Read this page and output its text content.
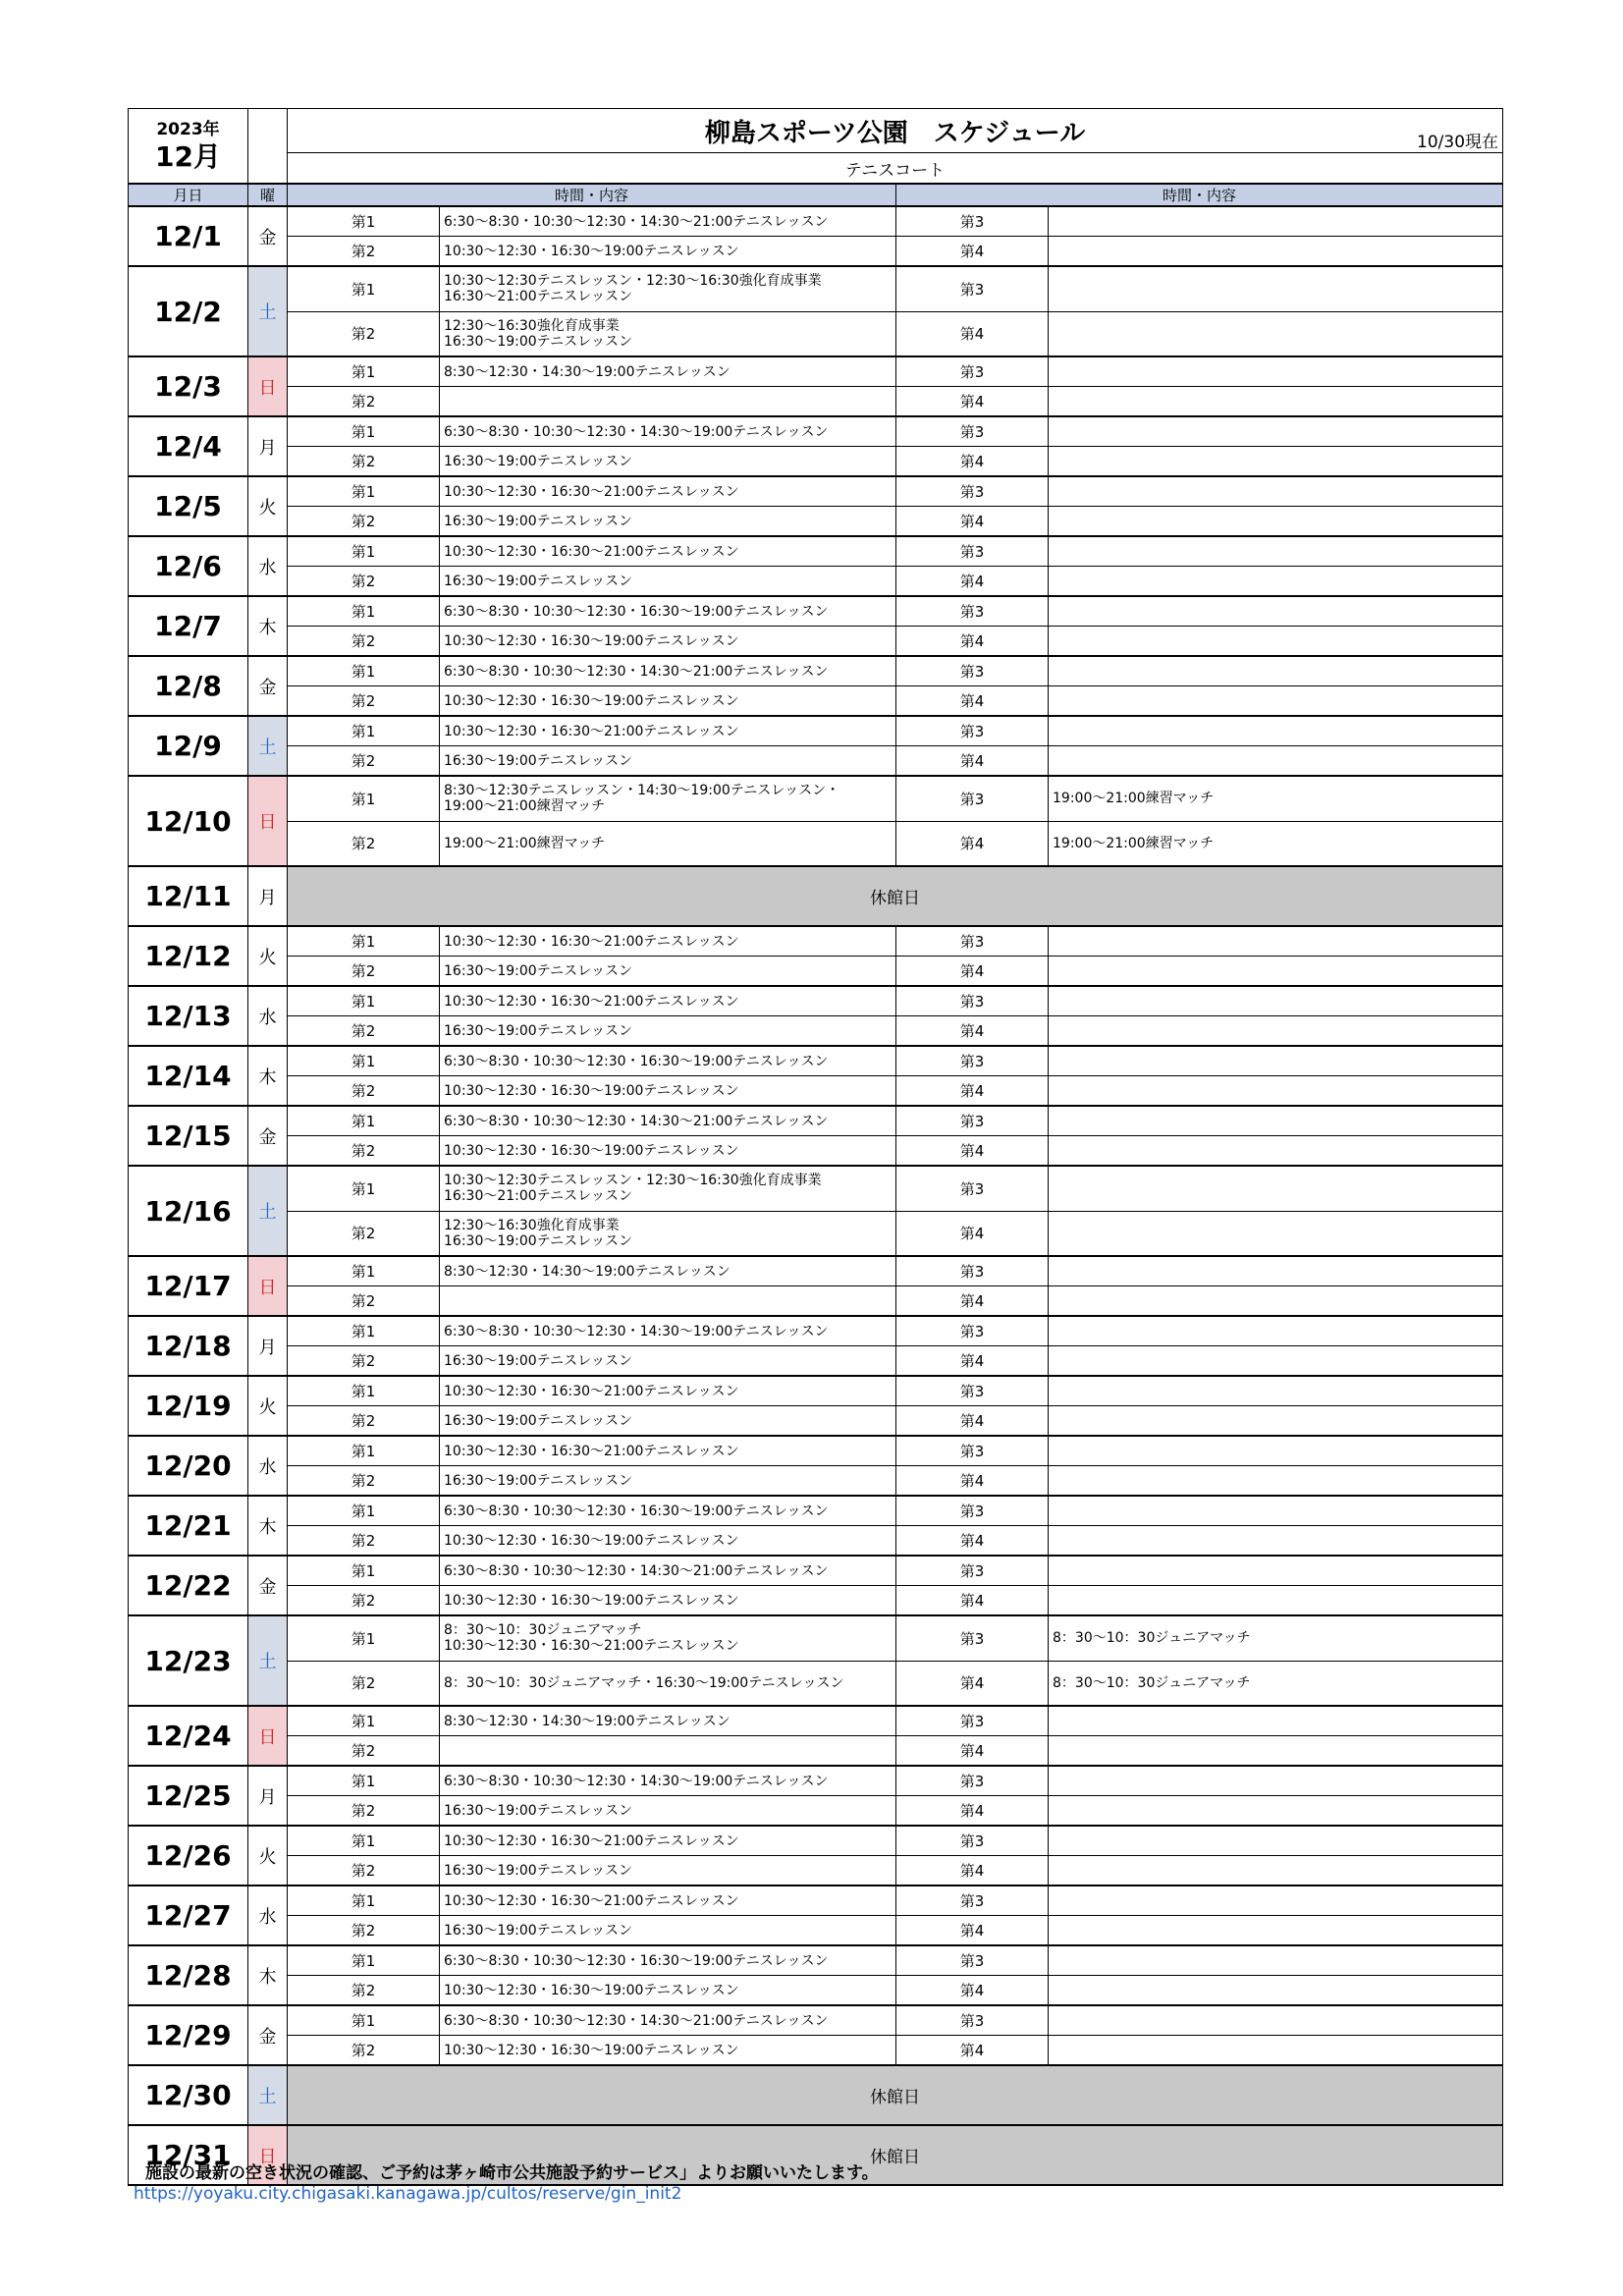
2023年
12月		柳島スポーツ公園　スケジュール 10/30現在			

		テニスコート			
月日	曜	時間・内容		時間・内容	
12/1	金	第1	6:30～8:30・10:30～12:30・14:30～21:00テニスレッスン	第3	
		第2	10:30～12:30・16:30～19:00テニスレッスン	第4	
12/2	土	第1	10:30～12:30テニスレッスン・12:30～16:30強化育成事業
16:30～21:00テニスレッスン	第3	
		第2	12:30～16:30強化育成事業
16:30～19:00テニスレッスン	第4	
12/3	日	第1	8:30～12:30・14:30～19:00テニスレッスン	第3	
		第2		第4	
12/4	月	第1	6:30～8:30・10:30～12:30・14:30～19:00テニスレッスン	第3	
		第2	16:30～19:00テニスレッスン	第4	
12/5	火	第1	10:30～12:30・16:30～21:00テニスレッスン	第3	
		第2	16:30～19:00テニスレッスン	第4	
12/6	水	第1	10:30～12:30・16:30～21:00テニスレッスン	第3	
		第2	16:30～19:00テニスレッスン	第4	
12/7	木	第1	6:30～8:30・10:30～12:30・16:30～19:00テニスレッスン	第3	
		第2	10:30～12:30・16:30～19:00テニスレッスン	第4	
12/8	金	第1	6:30～8:30・10:30～12:30・14:30～21:00テニスレッスン	第3	
		第2	10:30～12:30・16:30～19:00テニスレッスン	第4	
12/9	土	第1	10:30～12:30・16:30～21:00テニスレッスン	第3	
		第2	16:30～19:00テニスレッスン	第4	
12/10	日	第1	8:30～12:30テニスレッスン・14:30～19:00テニスレッスン・
19:00～21:00練習マッチ	第3	19:00～21:00練習マッチ
		第2	19:00～21:00練習マッチ	第4	19:00～21:00練習マッチ
12/11	月	休館日			
12/12	火	第1	10:30～12:30・16:30～21:00テニスレッスン	第3	
		第2	16:30～19:00テニスレッスン	第4	
12/13	水	第1	10:30～12:30・16:30～21:00テニスレッスン	第3	
		第2	16:30～19:00テニスレッスン	第4	
12/14	木	第1	6:30～8:30・10:30～12:30・16:30～19:00テニスレッスン	第3	
		第2	10:30～12:30・16:30～19:00テニスレッスン	第4	
12/15	金	第1	6:30～8:30・10:30～12:30・14:30～21:00テニスレッスン	第3	
		第2	10:30～12:30・16:30～19:00テニスレッスン	第4	
12/16	土	第1	10:30～12:30テニスレッスン・12:30～16:30強化育成事業
16:30～21:00テニスレッスン	第3	
		第2	12:30～16:30強化育成事業
16:30～19:00テニスレッスン	第4	
12/17	日	第1	8:30～12:30・14:30～19:00テニスレッスン	第3	
		第2		第4	
12/18	月	第1	6:30～8:30・10:30～12:30・14:30～19:00テニスレッスン	第3	
		第2	16:30～19:00テニスレッスン	第4	
12/19	火	第1	10:30～12:30・16:30～21:00テニスレッスン	第3	
		第2	16:30～19:00テニスレッスン	第4	
12/20	水	第1	10:30～12:30・16:30～21:00テニスレッスン	第3	
		第2	16:30～19:00テニスレッスン	第4	
12/21	木	第1	6:30～8:30・10:30～12:30・16:30～19:00テニスレッスン	第3	
		第2	10:30～12:30・16:30～19:00テニスレッスン	第4	
12/22	金	第1	6:30～8:30・10:30～12:30・14:30～21:00テニスレッスン	第3	
		第2	10:30～12:30・16:30～19:00テニスレッスン	第4	
12/23	土	第1	8：30～10：30ジュニアマッチ
10:30～12:30・16:30～21:00テニスレッスン	第3	8：30～10：30ジュニアマッチ
		第2	8：30～10：30ジュニアマッチ・16:30～19:00テニスレッスン	第4	8：30～10：30ジュニアマッチ
12/24	日	第1	8:30～12:30・14:30～19:00テニスレッスン	第3	
		第2		第4	
12/25	月	第1	6:30～8:30・10:30～12:30・14:30～19:00テニスレッスン	第3	
		第2	16:30～19:00テニスレッスン	第4	
12/26	火	第1	10:30～12:30・16:30～21:00テニスレッスン	第3	
		第2	16:30～19:00テニスレッスン	第4	
12/27	水	第1	10:30～12:30・16:30～21:00テニスレッスン	第3	
		第2	16:30～19:00テニスレッスン	第4	
12/28	木	第1	6:30～8:30・10:30～12:30・16:30～19:00テニスレッスン	第3	
		第2	10:30～12:30・16:30～19:00テニスレッスン	第4	
12/29	金	第1	6:30～8:30・10:30～12:30・14:30～21:00テニスレッスン	第3	
		第2	10:30～12:30・16:30～19:00テニスレッスン	第4	
12/30	土	休館日			
12/31	日	休館日			
施設の最新の空き状況の確認、ご予約は茅ヶ崎市公共施設予約サービス」よりお願いいたします。
https://yoyaku.city.chigasaki.kanagawa.jp/cultos/reserve/gin_init2
